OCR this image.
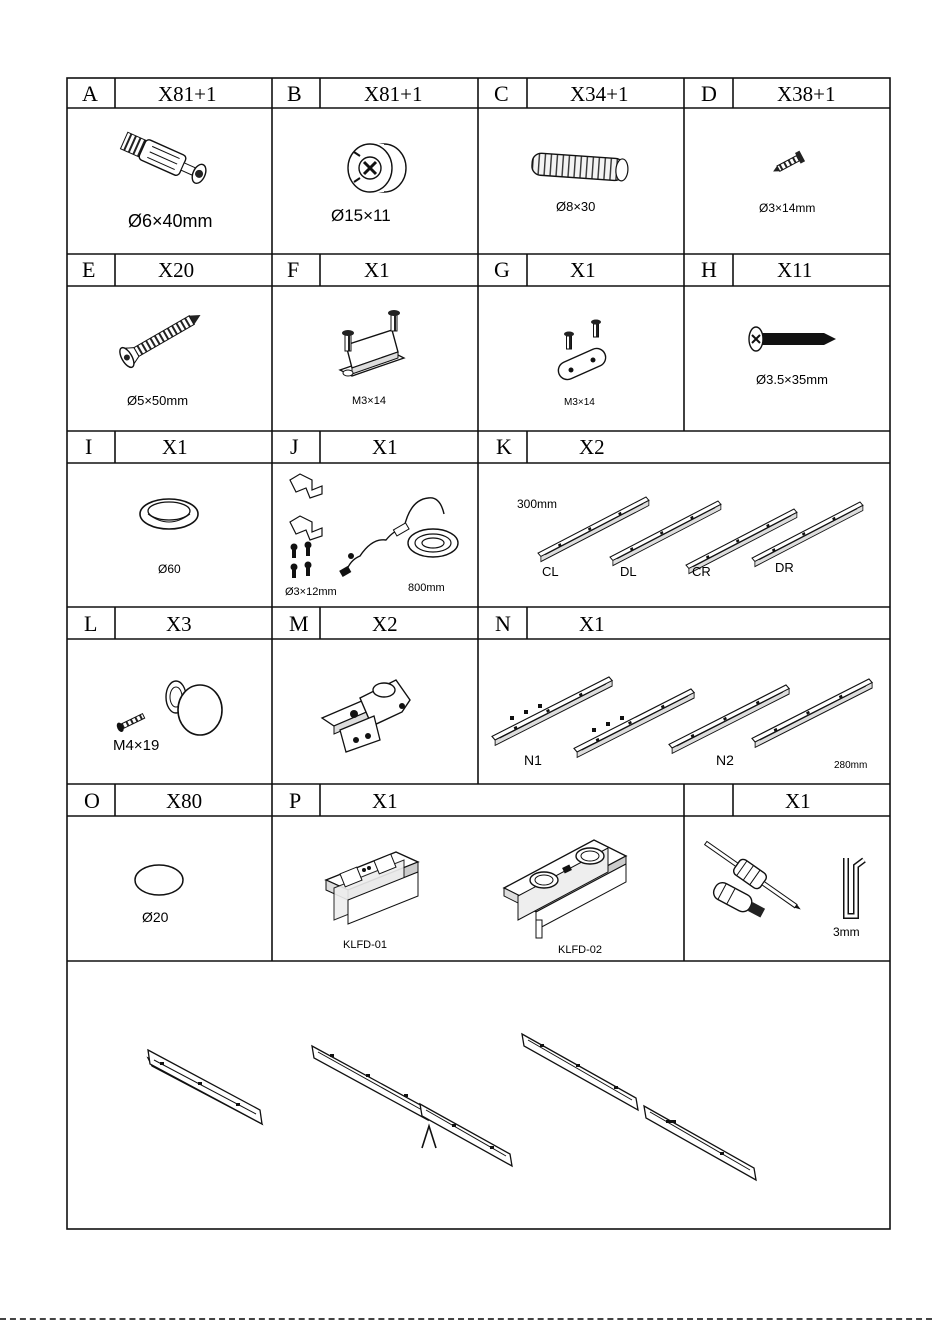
A	X81+1	B	X81+1	C	X34+1	D	X38+1
E	X20	F	X1	G	X1	H	X11
I	X1	J	X1	K	X2
L	X3	M	X2	N	X1
O	X80	P	X1	X1
Ø6×40mm	Ø15×11	Ø8×30	Ø3×14mm
Ø5×50mm	M3×14	M3×14
Ø3.5×35mm
Ø60
Ø3×12mm	800mm
300mm
CL	DL	CR	DR
M4×19
N1	N2	280mm
Ø20
KLFD-01	KLFD-02
3mm
